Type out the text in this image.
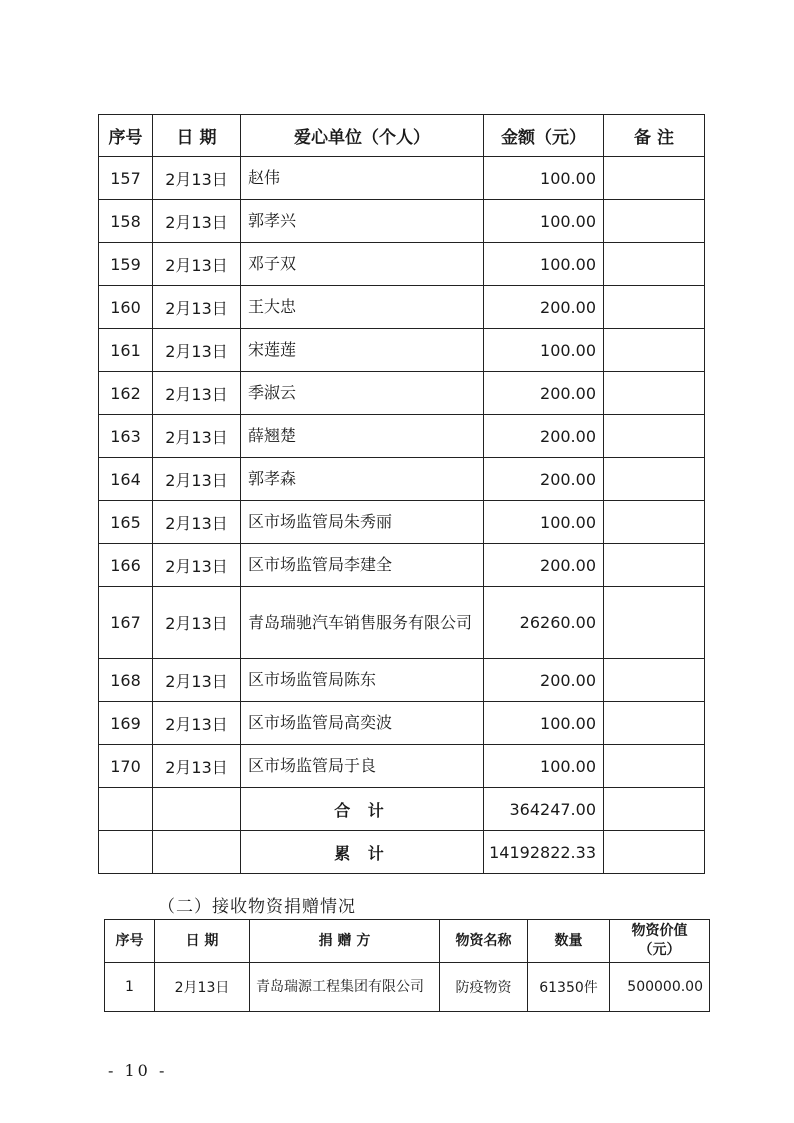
序号	日 期	爱心单位（个人）	金额（元）	备 注
157	2月13日	赵伟	100.00	
158	2月13日	郭孝兴	100.00	
159	2月13日	邓子双	100.00	
160	2月13日	王大忠	200.00	
161	2月13日	宋莲莲	100.00	
162	2月13日	季淑云	200.00	
163	2月13日	薛翘楚	200.00	
164	2月13日	郭孝森	200.00	
165	2月13日	区市场监管局朱秀丽	100.00	
166	2月13日	区市场监管局李建全	200.00	
167	2月13日	青岛瑞驰汽车销售服务有限公司	26260.00	
168	2月13日	区市场监管局陈东	200.00	
169	2月13日	区市场监管局高奕波	100.00	
170	2月13日	区市场监管局于良	100.00	
		合 计	364247.00	
		累 计	14192822.33	
（二）接收物资捐赠情况
序号	日 期	捐 赠 方	物资名称	数量	物资价值
（元）

1	2月13日	青岛瑞源工程集团有限公司	防疫物资	61350件	500000.00
- 10 -
